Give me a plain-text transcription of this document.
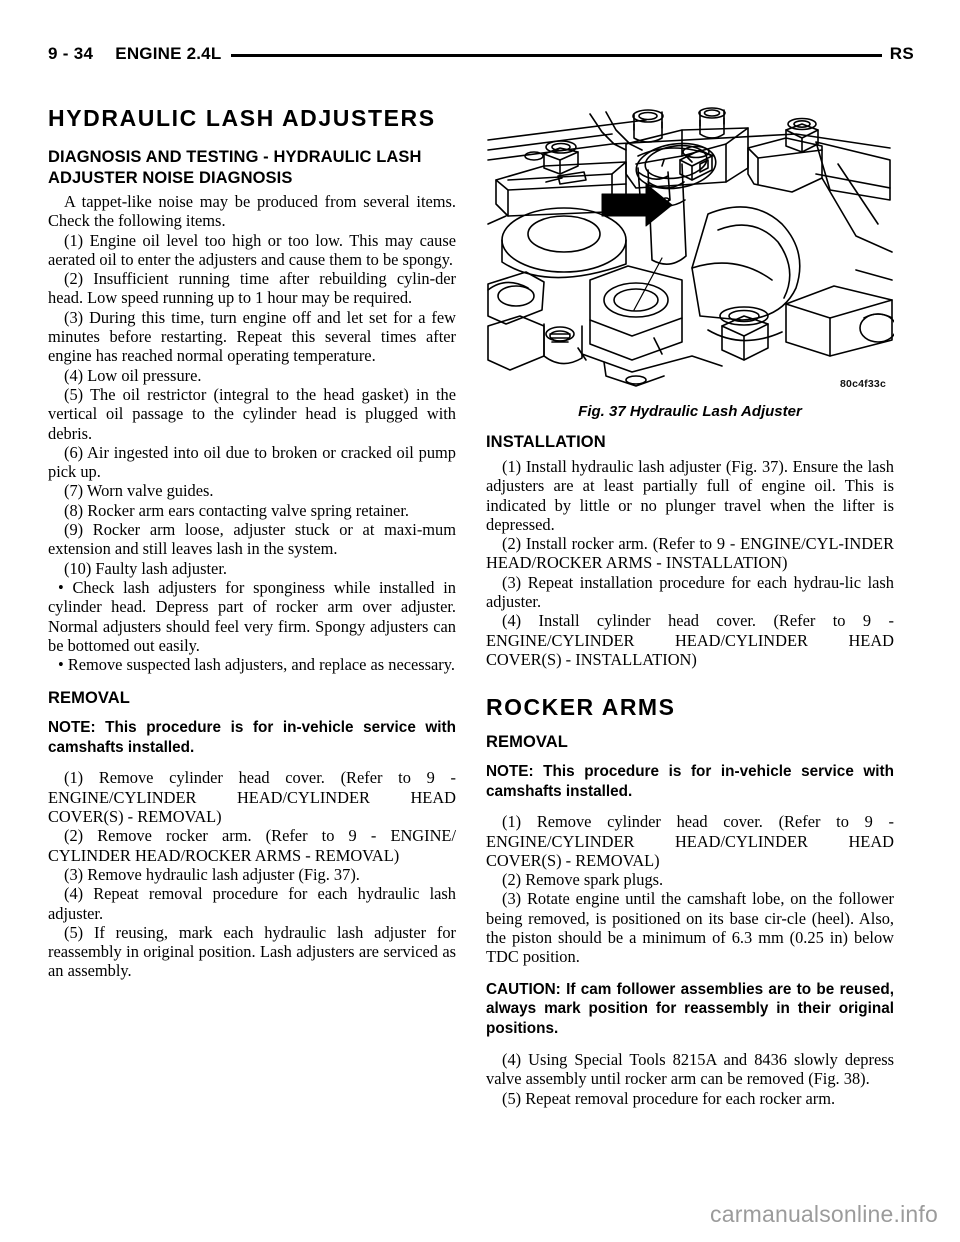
9 - 34 ENGINE 2.4L	RS
HYDRAULIC LASH ADJUSTERS
DIAGNOSIS AND TESTING - HYDRAULIC LASH ADJUSTER NOISE DIAGNOSIS

A tappet-like noise may be produced from several items. Check the following items.

(1) Engine oil level too high or too low. This may cause aerated oil to enter the adjusters and cause them to be spongy.

(2) Insufficient running time after rebuilding cylin-der head. Low speed running up to 1 hour may be required.

(3) During this time, turn engine off and let set for a few minutes before restarting. Repeat this several times after engine has reached normal operating temperature.

(4) Low oil pressure.

(5) The oil restrictor (integral to the head gasket) in the vertical oil passage to the cylinder head is plugged with debris.

(6) Air ingested into oil due to broken or cracked oil pump pick up.

(7) Worn valve guides.

(8) Rocker arm ears contacting valve spring retainer.

(9) Rocker arm loose, adjuster stuck or at maxi-mum extension and still leaves lash in the system.

(10) Faulty lash adjuster.

• Check lash adjusters for sponginess while installed in cylinder head. Depress part of rocker arm over adjuster. Normal adjusters should feel very firm. Spongy adjusters can be bottomed out easily.

• Remove suspected lash adjusters, and replace as necessary.

REMOVAL

NOTE: This procedure is for in-vehicle service with camshafts installed.

(1) Remove cylinder head cover. (Refer to 9 - ENGINE/CYLINDER HEAD/CYLINDER HEAD COVER(S) - REMOVAL)

(2) Remove rocker arm. (Refer to 9 - ENGINE/ CYLINDER HEAD/ROCKER ARMS - REMOVAL)

(3) Remove hydraulic lash adjuster (Fig. 37).

(4) Repeat removal procedure for each hydraulic lash adjuster.

(5) If reusing, mark each hydraulic lash adjuster for reassembly in original position. Lash adjusters are serviced as an assembly.

80c4f33c
Fig. 37 Hydraulic Lash Adjuster
INSTALLATION

(1) Install hydraulic lash adjuster (Fig. 37). Ensure the lash adjusters are at least partially full of engine oil. This is indicated by little or no plunger travel when the lifter is depressed.

(2) Install rocker arm. (Refer to 9 - ENGINE/CYL-INDER HEAD/ROCKER ARMS - INSTALLATION)

(3) Repeat installation procedure for each hydrau-lic lash adjuster.

(4) Install cylinder head cover. (Refer to 9 - ENGINE/CYLINDER HEAD/CYLINDER HEAD COVER(S) - INSTALLATION)

ROCKER ARMS
REMOVAL

NOTE: This procedure is for in-vehicle service with camshafts installed.

(1) Remove cylinder head cover. (Refer to 9 - ENGINE/CYLINDER HEAD/CYLINDER HEAD COVER(S) - REMOVAL)

(2) Remove spark plugs.

(3) Rotate engine until the camshaft lobe, on the follower being removed, is positioned on its base cir-cle (heel). Also, the piston should be a minimum of 6.3 mm (0.25 in) below TDC position.

CAUTION: If cam follower assemblies are to be reused, always mark position for reassembly in their original positions.

(4) Using Special Tools 8215A and 8436 slowly depress valve assembly until rocker arm can be removed (Fig. 38).

(5) Repeat removal procedure for each rocker arm.

carmanualsonline.info
